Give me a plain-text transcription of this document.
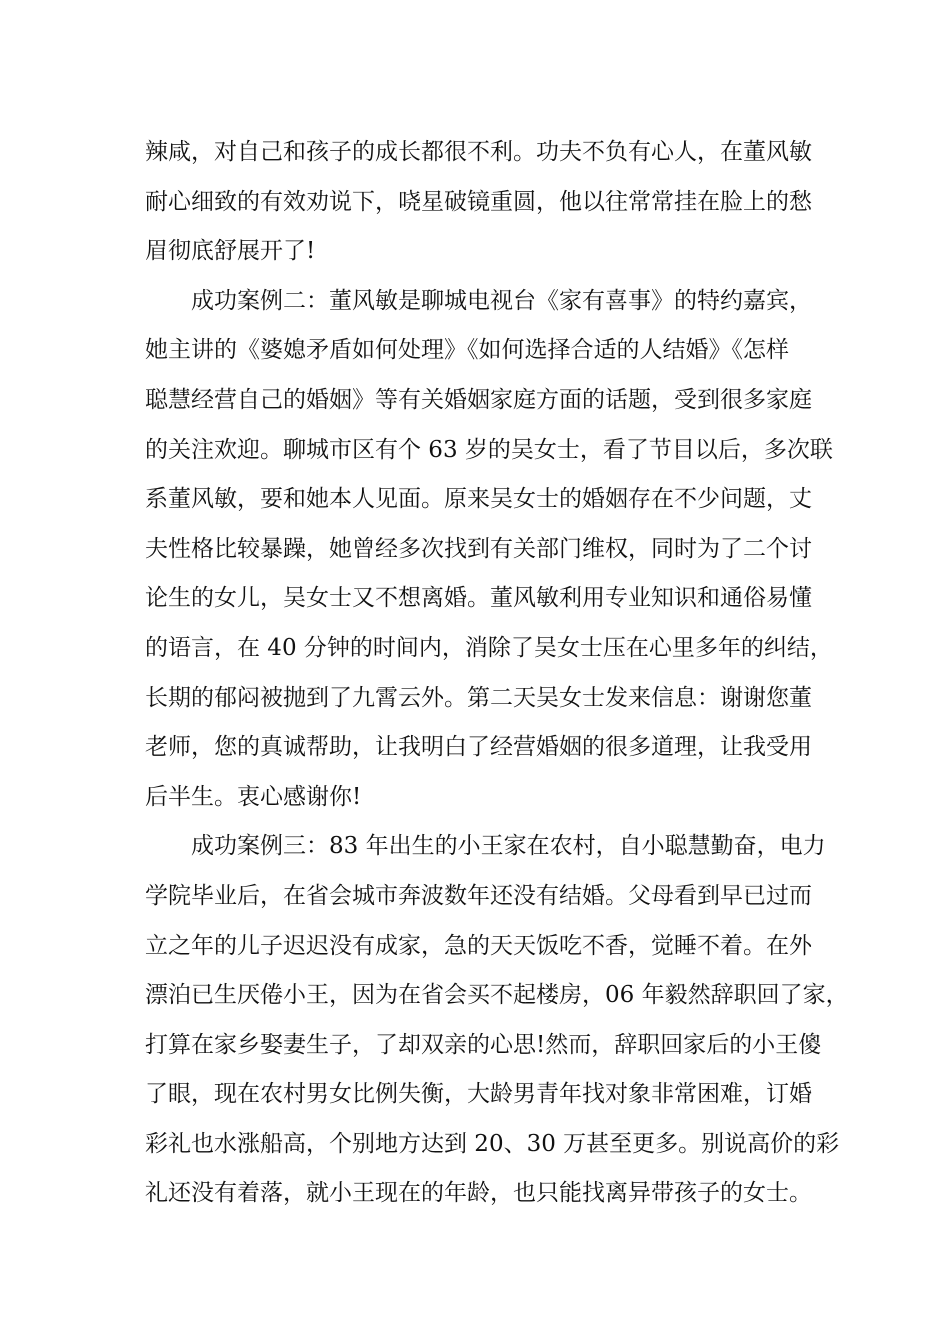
辣咸，对自己和孩子的成长都很不利。功夫不负有心人，在董风敏
耐心细致的有效劝说下，哓星破镜重圆，他以往常常挂在脸上的愁
眉彻底舒展开了!
成功案例二：董风敏是聊城电视台《家有喜事》的特约嘉宾，
她主讲的《婆媳矛盾如何处理》《如何选择合适的人结婚》《怎样
聪慧经营自己的婚姻》等有关婚姻家庭方面的话题，受到很多家庭
的关注欢迎。聊城市区有个 63 岁的吴女士，看了节目以后，多次联
系董风敏，要和她本人见面。原来吴女士的婚姻存在不少问题，丈
夫性格比较暴躁，她曾经多次找到有关部门维权，同时为了二个讨
论生的女儿，吴女士又不想离婚。董风敏利用专业知识和通俗易懂
的语言，在 40 分钟的时间内，消除了吴女士压在心里多年的纠结，
长期的郁闷被抛到了九霄云外。第二天吴女士发来信息：谢谢您董
老师，您的真诚帮助，让我明白了经营婚姻的很多道理，让我受用
后半生。衷心感谢你!
成功案例三：83 年出生的小王家在农村，自小聪慧勤奋，电力
学院毕业后，在省会城市奔波数年还没有结婚。父母看到早已过而
立之年的儿子迟迟没有成家，急的天天饭吃不香，觉睡不着。在外
漂泊已生厌倦小王，因为在省会买不起楼房，06 年毅然辞职回了家，
打算在家乡娶妻生子，了却双亲的心思!然而，辞职回家后的小王傻
了眼，现在农村男女比例失衡，大龄男青年找对象非常困难，订婚
彩礼也水涨船高，个别地方达到 20、30 万甚至更多。别说高价的彩
礼还没有着落，就小王现在的年龄，也只能找离异带孩子的女士。
